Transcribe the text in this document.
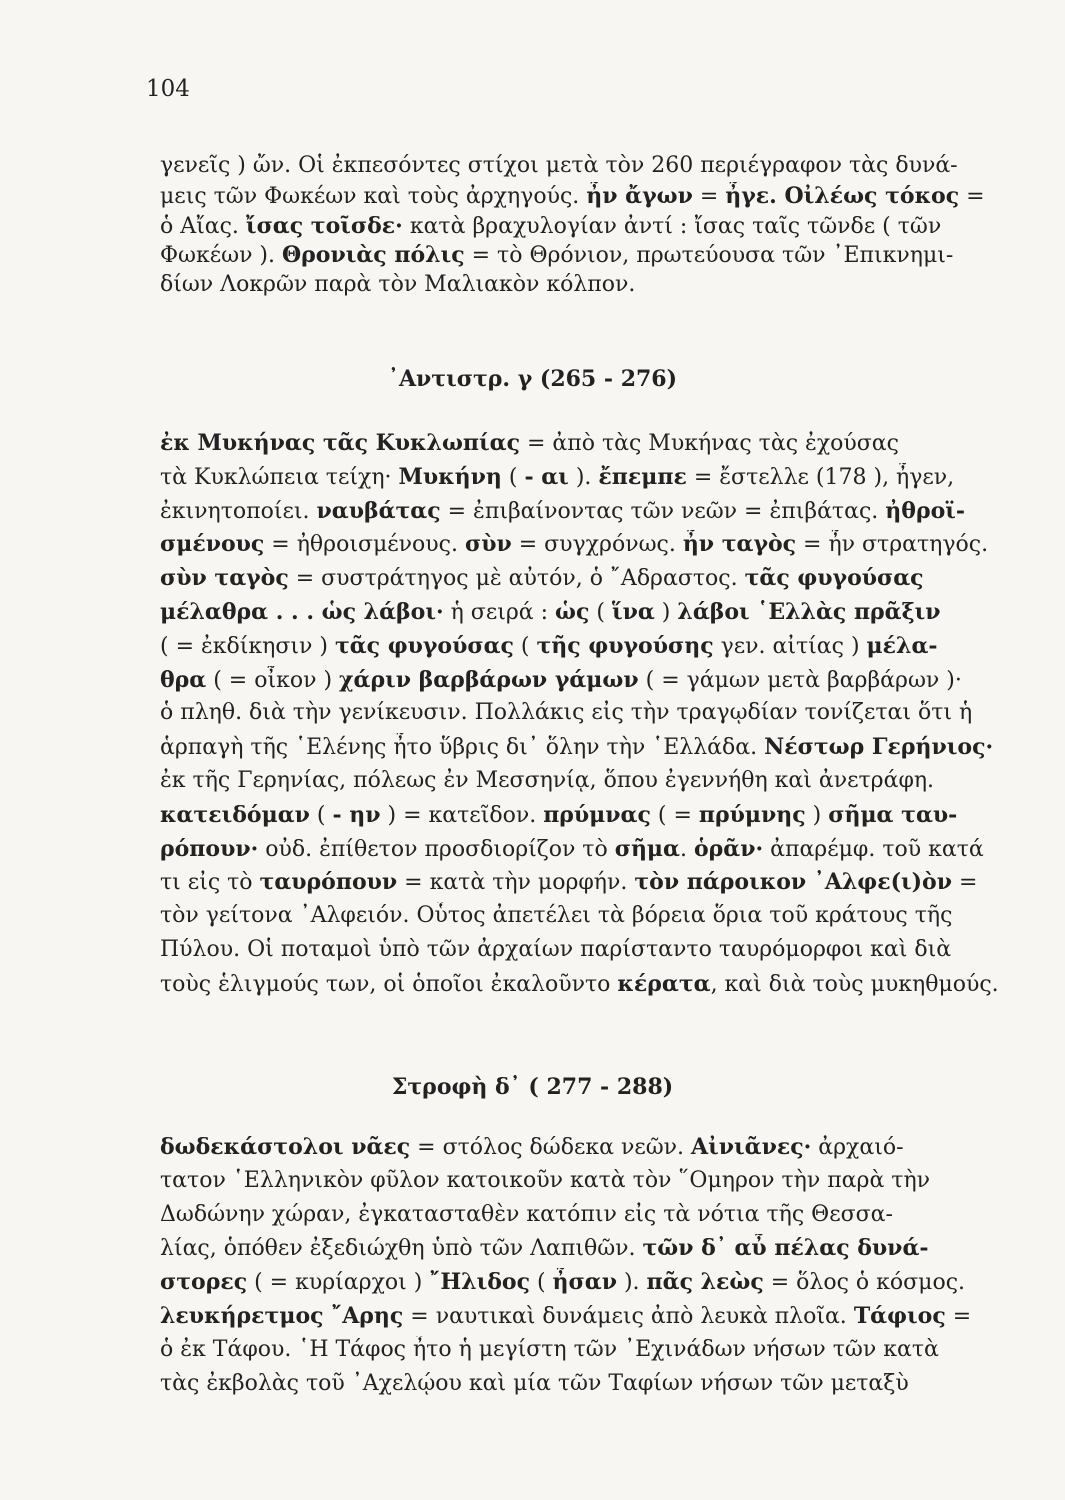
104

γενεῖς ) ὤν. Οἱ ἐκπεσόντες στίχοι μετὰ τὸν 260 περιέγραφον τὰς δυνά-

μεις τῶν Φωκέων καὶ τοὺς ἀρχηγούς. ἦν ἄγων = ἦγε. Οἰλέως τόκος =

ὁ Αἴας. ἴσας τοῖσδε· κατὰ βραχυλογίαν ἀντί : ἴσας ταῖς τῶνδε ( τῶν

Φωκέων ). Θρονιὰς πόλις = τὸ Θρόνιον, πρωτεύουσα τῶν ᾽Επικνημι-

δίων Λοκρῶν παρὰ τὸν Μαλιακὸν κόλπον.

᾽Αντιστρ. γ (265 - 276)

ἐκ Μυκήνας τᾶς Κυκλωπίας = ἀπὸ τὰς Μυκήνας τὰς ἐχούσας

τὰ Κυκλώπεια τείχη· Μυκήνη ( - αι ). ἔπεμπε = ἔστελλε (178 ), ἦγεν,

ἐκινητοποίει. ναυβάτας = ἐπιβαίνοντας τῶν νεῶν = ἐπιβάτας. ἠθροϊ-

σμένους = ἠθροισμένους. σὺν = συγχρόνως. ἦν ταγὸς = ἦν στρατηγός.

σὺν ταγὸς = συστράτηγος μὲ αὐτόν, ὁ ῎Αδραστος. τᾶς φυγούσας

μέλαθρα . . . ὡς λάβοι· ἡ σειρά : ὡς ( ἵνα ) λάβοι ῾Ελλὰς πρᾶξιν

( = ἐκδίκησιν ) τᾶς φυγούσας ( τῆς φυγούσης γεν. αἰτίας ) μέλα-

θρα ( = οἶκον ) χάριν βαρβάρων γάμων ( = γάμων μετὰ βαρβάρων )·

ὁ πληθ. διὰ τὴν γενίκευσιν. Πολλάκις εἰς τὴν τραγῳδίαν τονίζεται ὅτι ἡ

ἁρπαγὴ τῆς ῾Ελένης ἦτο ὕβρις δι᾽ ὅλην τὴν ῾Ελλάδα. Νέστωρ Γερήνιος·

ἐκ τῆς Γερηνίας, πόλεως ἐν Μεσσηνίᾳ, ὅπου ἐγεννήθη καὶ ἀνετράφη.

κατειδόμαν ( - ην ) = κατεῖδον. πρύμνας ( = πρύμνης ) σῆμα ταυ-

ρόπουν· οὐδ. ἐπίθετον προσδιορίζον τὸ σῆμα. ὁρᾶν· ἀπαρέμφ. τοῦ κατά

τι εἰς τὸ ταυρόπουν = κατὰ τὴν μορφήν. τὸν πάροικον ᾽Αλφε(ι)ὸν =

τὸν γείτονα ᾽Αλφειόν. Οὗτος ἀπετέλει τὰ βόρεια ὅρια τοῦ κράτους τῆς

Πύλου. Οἱ ποταμοὶ ὑπὸ τῶν ἀρχαίων παρίσταντο ταυρόμορφοι καὶ διὰ

τοὺς ἑλιγμούς των, οἱ ὁποῖοι ἐκαλοῦντο κέρατα, καὶ διὰ τοὺς μυκηθμούς.

Στροφὴ δ᾽ ( 277 - 288)

δωδεκάστολοι νᾶες = στόλος δώδεκα νεῶν. Αἰνιᾶνες· ἀρχαιό-

τατον ῾Ελληνικὸν φῦλον κατοικοῦν κατὰ τὸν ῞Ομηρον τὴν παρὰ τὴν

Δωδώνην χώραν, ἐγκατασταθὲν κατόπιν εἰς τὰ νότια τῆς Θεσσα-

λίας, ὁπόθεν ἐξεδιώχθη ὑπὸ τῶν Λαπιθῶν. τῶν δ᾽ αὖ πέλας δυνά-

στορες ( = κυρίαρχοι ) ῎Ηλιδος ( ἦσαν ). πᾶς λεὼς = ὅλος ὁ κόσμος.

λευκήρετμος ῎Αρης = ναυτικαὶ δυνάμεις ἀπὸ λευκὰ πλοῖα. Τάφιος =

ὁ ἐκ Τάφου. ῾Η Τάφος ἦτο ἡ μεγίστη τῶν ᾽Εχινάδων νήσων τῶν κατὰ

τὰς ἐκβολὰς τοῦ ᾽Αχελῴου καὶ μία τῶν Ταφίων νήσων τῶν μεταξὺ
